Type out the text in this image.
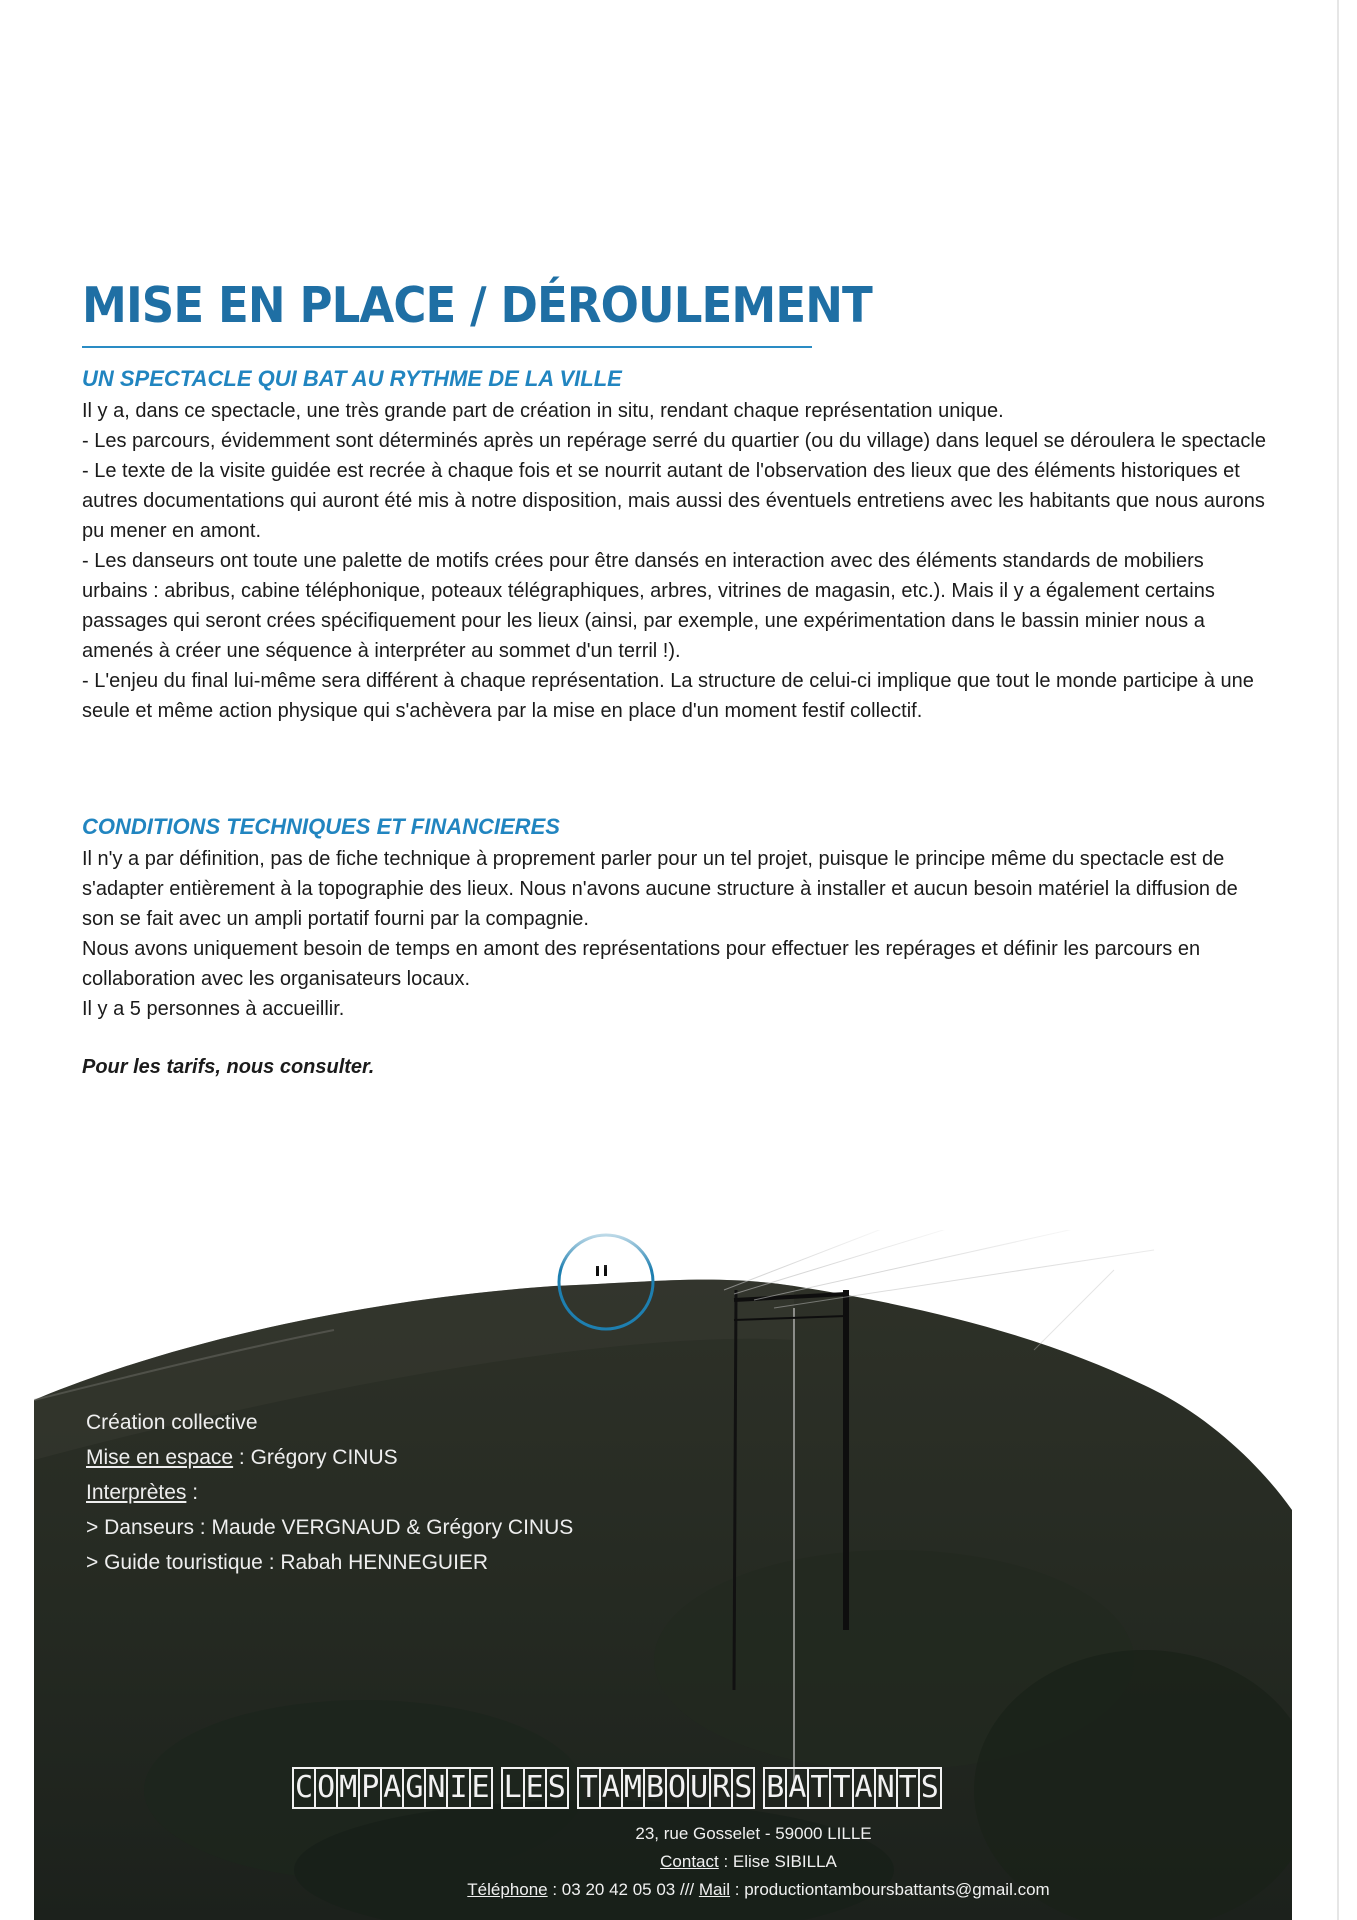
MISE EN PLACE / DÉROULEMENT
UN SPECTACLE QUI BAT AU RYTHME DE LA VILLE

Il y a, dans ce spectacle, une très grande part de création in situ, rendant chaque représentation unique.

- Les parcours, évidemment sont déterminés après un repérage serré du quartier (ou du village) dans lequel se déroulera le spectacle

- Le texte de la visite guidée est recrée à chaque fois et se nourrit autant de l'observation des lieux que des éléments historiques et autres documentations qui auront été mis à notre disposition, mais aussi des éventuels entretiens avec les habitants que nous aurons pu mener en amont.

- Les danseurs ont toute une palette de motifs crées pour être dansés en interaction avec des éléments standards de mobiliers urbains : abribus, cabine téléphonique, poteaux télégraphiques, arbres, vitrines de magasin, etc.). Mais il y a également certains passages qui seront crées spécifiquement pour les lieux (ainsi, par exemple, une expérimentation dans le bassin minier nous a amenés à créer une séquence à interpréter au sommet d'un terril !).

- L'enjeu du final lui-même sera différent à chaque représentation. La structure de celui-ci implique que tout le monde participe à une seule et même action physique qui s'achèvera par la mise en place d'un moment festif collectif.

CONDITIONS TECHNIQUES ET FINANCIERES

Il n'y a par définition, pas de fiche technique à proprement parler pour un tel projet, puisque le principe même du spectacle est de s'adapter entièrement à la topographie des lieux. Nous n'avons aucune structure à installer et aucun besoin matériel la diffusion de son se fait avec un ampli portatif fourni par la compagnie.

Nous avons uniquement besoin de temps en amont des représentations pour effectuer les repérages et définir les parcours en collaboration avec les organisateurs locaux.

Il y a 5 personnes à accueillir.

Pour les tarifs, nous consulter.

Création collective
Mise en espace : Grégory CINUS
Interprètes :
> Danseurs : Maude VERGNAUD & Grégory CINUS
> Guide touristique : Rabah HENNEGUIER
C O M P A G N I E L E S T A M B O U R S B A T T A N T S
23, rue Gosselet - 59000 LILLE
Contact : Elise SIBILLA
Téléphone : 03 20 42 05 03 /// Mail : productiontamboursbattants@gmail.com
